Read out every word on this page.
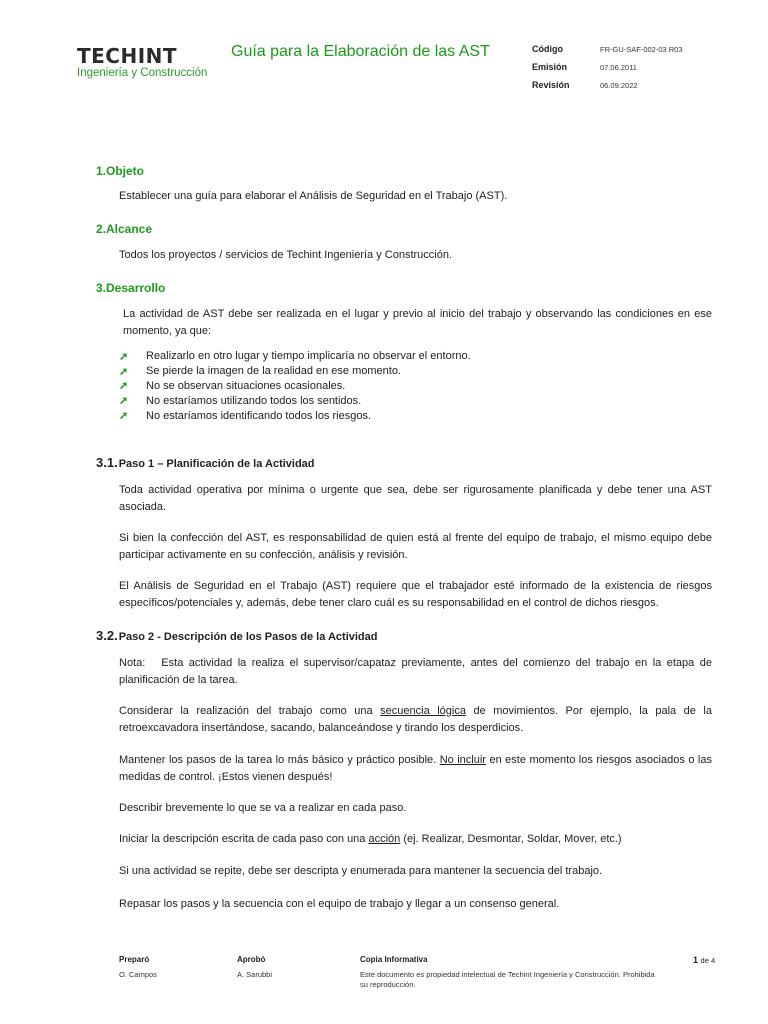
TECHINT
Ingeniería y Construcción
Guía para la Elaboración de las AST	Código	FR-GU-SAF-002-03 R03
Emisión	07.06.2011
Revisión	06.09.2022
1.Objeto
Establecer una guía para elaborar el Análisis de Seguridad en el Trabajo (AST).
2.Alcance
Todos los proyectos / servicios de Techint Ingeniería y Construcción.
3.Desarrollo
La actividad de AST debe ser realizada en el lugar y previo al inicio del trabajo y observando las condiciones en ese momento, ya que:
➚	Realizarlo en otro lugar y tiempo implicaría no observar el entorno.
➚	Se pierde la imagen de la realidad en ese momento.
➚	No se observan situaciones ocasionales.
➚	No estaríamos utilizando todos los sentidos.
➚	No estaríamos identificando todos los riesgos.
3.1.Paso 1 – Planificación de la Actividad
Toda actividad operativa por mínima o urgente que sea, debe ser rigurosamente planificada y debe tener una AST asociada.
Si bien la confección del AST, es responsabilidad de quien está al frente del equipo de trabajo, el mismo equipo debe participar activamente en su confección, análisis y revisión.
El Análisis de Seguridad en el Trabajo (AST) requiere que el trabajador esté informado de la existencia de riesgos específicos/potenciales y, además, debe tener claro cuál es su responsabilidad en el control de dichos riesgos.
3.2.Paso 2 - Descripción de los Pasos de la Actividad
Nota: Esta actividad la realiza el supervisor/capataz previamente, antes del comienzo del trabajo en la etapa de planificación de la tarea.
Considerar la realización del trabajo como una secuencia lógica de movimientos. Por ejemplo, la pala de la retroexcavadora insertándose, sacando, balanceándose y tirando los desperdicios.
Mantener los pasos de la tarea lo más básico y práctico posible. No incluir en este momento los riesgos asociados o las medidas de control. ¡Estos vienen después!
Describir brevemente lo que se va a realizar en cada paso.
Iniciar la descripción escrita de cada paso con una acción (ej. Realizar, Desmontar, Soldar, Mover, etc.)
Si una actividad se repite, debe ser descripta y enumerada para mantener la secuencia del trabajo.
Repasar los pasos y la secuencia con el equipo de trabajo y llegar a un consenso general.
Preparó
O. Campos
Aprobó
A. Sarubbi
Copia Informativa
Este documento es propiedad intelectual de Techint Ingeniería y Construcción. Prohibida su reproducción.
1 de 4
